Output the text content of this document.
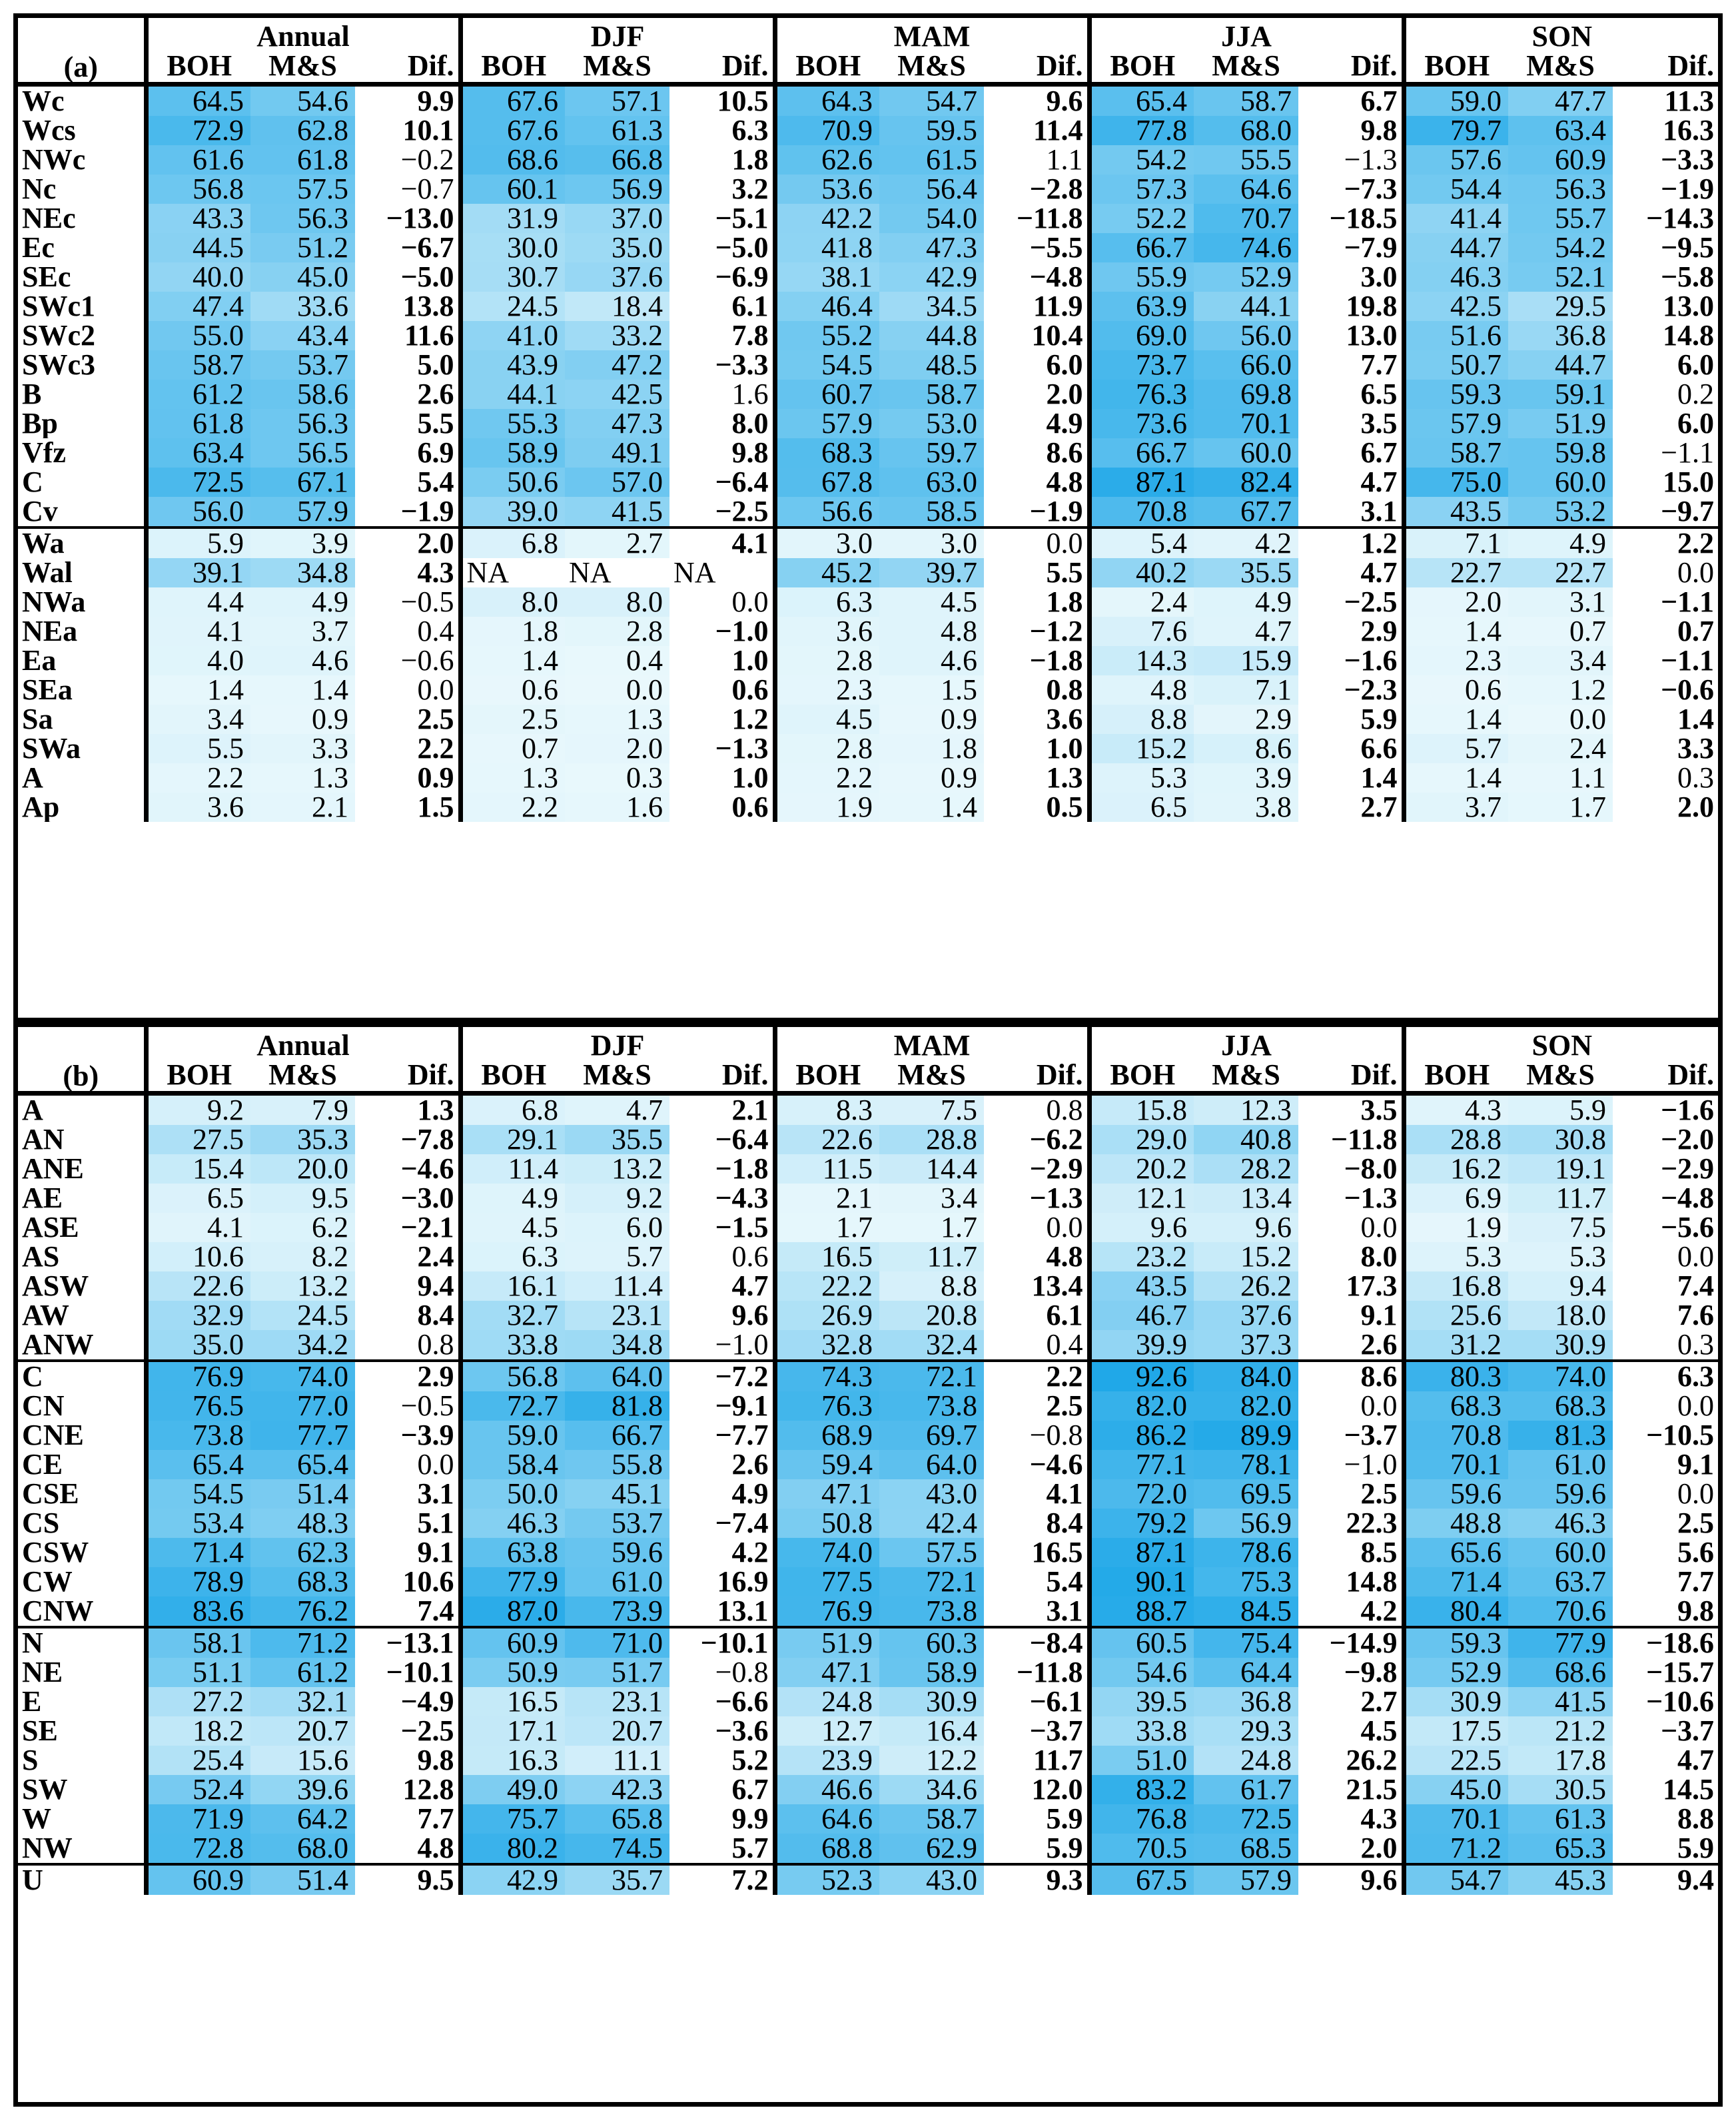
(a)	Annual			DJF			MAM			JJA			SON		
	BOH	M&S	Dif.	BOH	M&S	Dif.	BOH	M&S	Dif.	BOH	M&S	Dif.	BOH	M&S	Dif.
Wc	64.5	54.6	9.9	67.6	57.1	10.5	64.3	54.7	9.6	65.4	58.7	6.7	59.0	47.7	11.3
Wcs	72.9	62.8	10.1	67.6	61.3	6.3	70.9	59.5	11.4	77.8	68.0	9.8	79.7	63.4	16.3
NWc	61.6	61.8	−0.2	68.6	66.8	1.8	62.6	61.5	1.1	54.2	55.5	−1.3	57.6	60.9	−3.3
Nc	56.8	57.5	−0.7	60.1	56.9	3.2	53.6	56.4	−2.8	57.3	64.6	−7.3	54.4	56.3	−1.9
NEc	43.3	56.3	−13.0	31.9	37.0	−5.1	42.2	54.0	−11.8	52.2	70.7	−18.5	41.4	55.7	−14.3
Ec	44.5	51.2	−6.7	30.0	35.0	−5.0	41.8	47.3	−5.5	66.7	74.6	−7.9	44.7	54.2	−9.5
SEc	40.0	45.0	−5.0	30.7	37.6	−6.9	38.1	42.9	−4.8	55.9	52.9	3.0	46.3	52.1	−5.8
SWc1	47.4	33.6	13.8	24.5	18.4	6.1	46.4	34.5	11.9	63.9	44.1	19.8	42.5	29.5	13.0
SWc2	55.0	43.4	11.6	41.0	33.2	7.8	55.2	44.8	10.4	69.0	56.0	13.0	51.6	36.8	14.8
SWc3	58.7	53.7	5.0	43.9	47.2	−3.3	54.5	48.5	6.0	73.7	66.0	7.7	50.7	44.7	6.0
B	61.2	58.6	2.6	44.1	42.5	1.6	60.7	58.7	2.0	76.3	69.8	6.5	59.3	59.1	0.2
Bp	61.8	56.3	5.5	55.3	47.3	8.0	57.9	53.0	4.9	73.6	70.1	3.5	57.9	51.9	6.0
Vfz	63.4	56.5	6.9	58.9	49.1	9.8	68.3	59.7	8.6	66.7	60.0	6.7	58.7	59.8	−1.1
C	72.5	67.1	5.4	50.6	57.0	−6.4	67.8	63.0	4.8	87.1	82.4	4.7	75.0	60.0	15.0
Cv	56.0	57.9	−1.9	39.0	41.5	−2.5	56.6	58.5	−1.9	70.8	67.7	3.1	43.5	53.2	−9.7
Wa	5.9	3.9	2.0	6.8	2.7	4.1	3.0	3.0	0.0	5.4	4.2	1.2	7.1	4.9	2.2
Wal	39.1	34.8	4.3	NA	NA	NA	45.2	39.7	5.5	40.2	35.5	4.7	22.7	22.7	0.0
NWa	4.4	4.9	−0.5	8.0	8.0	0.0	6.3	4.5	1.8	2.4	4.9	−2.5	2.0	3.1	−1.1
NEa	4.1	3.7	0.4	1.8	2.8	−1.0	3.6	4.8	−1.2	7.6	4.7	2.9	1.4	0.7	0.7
Ea	4.0	4.6	−0.6	1.4	0.4	1.0	2.8	4.6	−1.8	14.3	15.9	−1.6	2.3	3.4	−1.1
SEa	1.4	1.4	0.0	0.6	0.0	0.6	2.3	1.5	0.8	4.8	7.1	−2.3	0.6	1.2	−0.6
Sa	3.4	0.9	2.5	2.5	1.3	1.2	4.5	0.9	3.6	8.8	2.9	5.9	1.4	0.0	1.4
SWa	5.5	3.3	2.2	0.7	2.0	−1.3	2.8	1.8	1.0	15.2	8.6	6.6	5.7	2.4	3.3
A	2.2	1.3	0.9	1.3	0.3	1.0	2.2	0.9	1.3	5.3	3.9	1.4	1.4	1.1	0.3
Ap	3.6	2.1	1.5	2.2	1.6	0.6	1.9	1.4	0.5	6.5	3.8	2.7	3.7	1.7	2.0
(b)	Annual			DJF			MAM			JJA			SON		
	BOH	M&S	Dif.	BOH	M&S	Dif.	BOH	M&S	Dif.	BOH	M&S	Dif.	BOH	M&S	Dif.
A	9.2	7.9	1.3	6.8	4.7	2.1	8.3	7.5	0.8	15.8	12.3	3.5	4.3	5.9	−1.6
AN	27.5	35.3	−7.8	29.1	35.5	−6.4	22.6	28.8	−6.2	29.0	40.8	−11.8	28.8	30.8	−2.0
ANE	15.4	20.0	−4.6	11.4	13.2	−1.8	11.5	14.4	−2.9	20.2	28.2	−8.0	16.2	19.1	−2.9
AE	6.5	9.5	−3.0	4.9	9.2	−4.3	2.1	3.4	−1.3	12.1	13.4	−1.3	6.9	11.7	−4.8
ASE	4.1	6.2	−2.1	4.5	6.0	−1.5	1.7	1.7	0.0	9.6	9.6	0.0	1.9	7.5	−5.6
AS	10.6	8.2	2.4	6.3	5.7	0.6	16.5	11.7	4.8	23.2	15.2	8.0	5.3	5.3	0.0
ASW	22.6	13.2	9.4	16.1	11.4	4.7	22.2	8.8	13.4	43.5	26.2	17.3	16.8	9.4	7.4
AW	32.9	24.5	8.4	32.7	23.1	9.6	26.9	20.8	6.1	46.7	37.6	9.1	25.6	18.0	7.6
ANW	35.0	34.2	0.8	33.8	34.8	−1.0	32.8	32.4	0.4	39.9	37.3	2.6	31.2	30.9	0.3
C	76.9	74.0	2.9	56.8	64.0	−7.2	74.3	72.1	2.2	92.6	84.0	8.6	80.3	74.0	6.3
CN	76.5	77.0	−0.5	72.7	81.8	−9.1	76.3	73.8	2.5	82.0	82.0	0.0	68.3	68.3	0.0
CNE	73.8	77.7	−3.9	59.0	66.7	−7.7	68.9	69.7	−0.8	86.2	89.9	−3.7	70.8	81.3	−10.5
CE	65.4	65.4	0.0	58.4	55.8	2.6	59.4	64.0	−4.6	77.1	78.1	−1.0	70.1	61.0	9.1
CSE	54.5	51.4	3.1	50.0	45.1	4.9	47.1	43.0	4.1	72.0	69.5	2.5	59.6	59.6	0.0
CS	53.4	48.3	5.1	46.3	53.7	−7.4	50.8	42.4	8.4	79.2	56.9	22.3	48.8	46.3	2.5
CSW	71.4	62.3	9.1	63.8	59.6	4.2	74.0	57.5	16.5	87.1	78.6	8.5	65.6	60.0	5.6
CW	78.9	68.3	10.6	77.9	61.0	16.9	77.5	72.1	5.4	90.1	75.3	14.8	71.4	63.7	7.7
CNW	83.6	76.2	7.4	87.0	73.9	13.1	76.9	73.8	3.1	88.7	84.5	4.2	80.4	70.6	9.8
N	58.1	71.2	−13.1	60.9	71.0	−10.1	51.9	60.3	−8.4	60.5	75.4	−14.9	59.3	77.9	−18.6
NE	51.1	61.2	−10.1	50.9	51.7	−0.8	47.1	58.9	−11.8	54.6	64.4	−9.8	52.9	68.6	−15.7
E	27.2	32.1	−4.9	16.5	23.1	−6.6	24.8	30.9	−6.1	39.5	36.8	2.7	30.9	41.5	−10.6
SE	18.2	20.7	−2.5	17.1	20.7	−3.6	12.7	16.4	−3.7	33.8	29.3	4.5	17.5	21.2	−3.7
S	25.4	15.6	9.8	16.3	11.1	5.2	23.9	12.2	11.7	51.0	24.8	26.2	22.5	17.8	4.7
SW	52.4	39.6	12.8	49.0	42.3	6.7	46.6	34.6	12.0	83.2	61.7	21.5	45.0	30.5	14.5
W	71.9	64.2	7.7	75.7	65.8	9.9	64.6	58.7	5.9	76.8	72.5	4.3	70.1	61.3	8.8
NW	72.8	68.0	4.8	80.2	74.5	5.7	68.8	62.9	5.9	70.5	68.5	2.0	71.2	65.3	5.9
U	60.9	51.4	9.5	42.9	35.7	7.2	52.3	43.0	9.3	67.5	57.9	9.6	54.7	45.3	9.4
